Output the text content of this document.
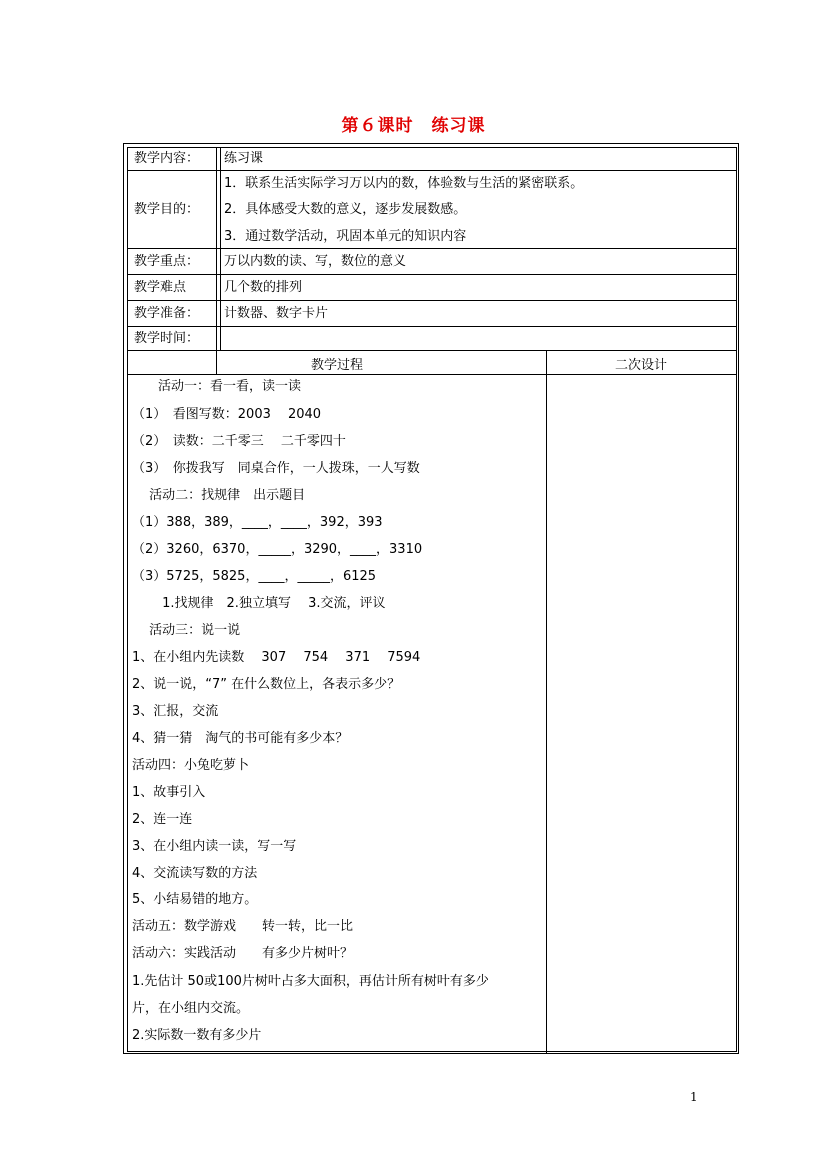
第６课时　练习课
教学内容：	练习课
教学目的：
1．联系生活实际学习万以内的数，体验数与生活的紧密联系。
2．具体感受大数的意义，逐步发展数感。
3．通过数学活动，巩固本单元的知识内容
教学重点：	万以内数的读、写，数位的意义
教学难点	几个数的排列
教学准备：	计数器、数字卡片
教学时间：
教学过程	二次设计
　　活动一：看一看，读一读
（1）　看图写数：2003　 2040
（2）　读数：二千零三　 二千零四十
（3）　你拨我写　同桌合作，一人拨珠，一人写数
　 活动二：找规律　出示题目
（1）388，389，____，____，392，393
（2）3260，6370，_____，3290，____，3310
（3）5725，5825，____，_____，6125
　　 1.找规律　2.独立填写　 3.交流，评议
　 活动三：说一说
1、在小组内先读数　 307　 754　 371　 7594
2、说一说，“7” 在什么数位上，各表示多少？
3、汇报，交流
4、猜一猜　淘气的书可能有多少本？
活动四：小兔吃萝卜
1、故事引入
2、连一连
3、在小组内读一读，写一写
4、交流读写数的方法
5、小结易错的地方。
活动五：数学游戏　　转一转，比一比
活动六：实践活动　　有多少片树叶？
1.先估计 50或100片树叶占多大面积，再估计所有树叶有多少
片，在小组内交流。
2.实际数一数有多少片
1
